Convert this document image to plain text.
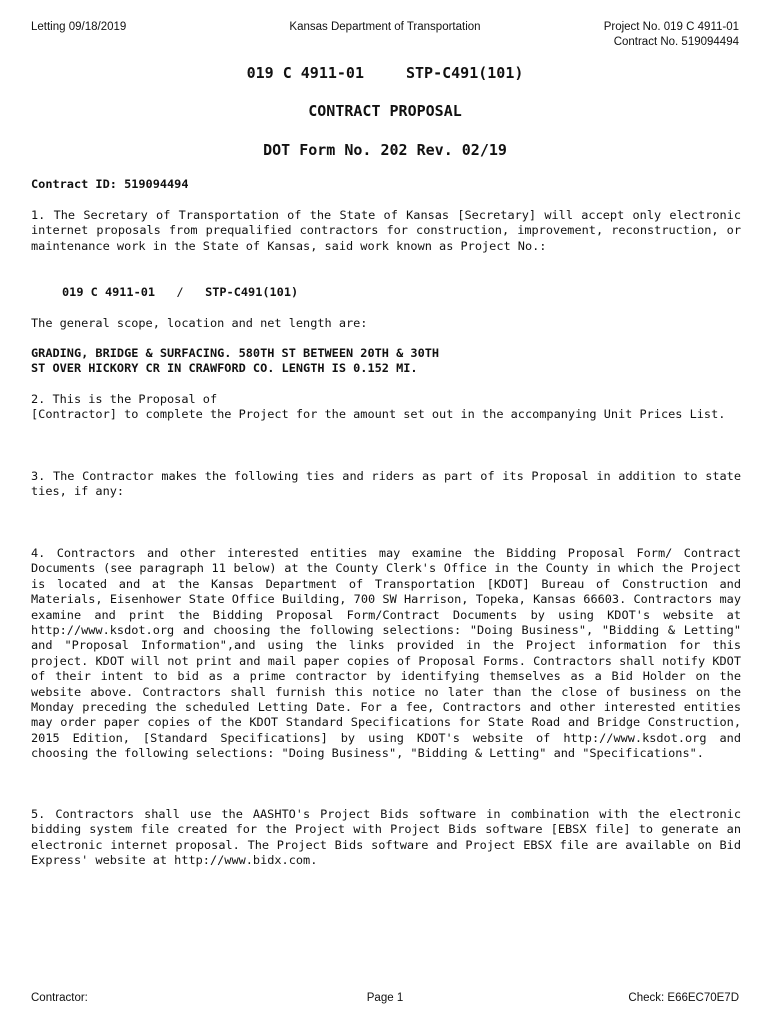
Letting 09/18/2019	Kansas Department of Transportation	Project No. 019 C 4911-01
Contract No. 519094494
019 C 4911-01	STP-C491(101)
CONTRACT PROPOSAL
DOT Form No. 202 Rev. 02/19
Contract ID: 519094494
1. The Secretary of Transportation of the State of Kansas [Secretary] will accept only electronic internet proposals from prequalified contractors for construction, improvement, reconstruction, or maintenance work in the State of Kansas, said work known as Project No.:
019 C 4911-01 / STP-C491(101)
The general scope, location and net length are:
GRADING, BRIDGE & SURFACING. 580TH ST BETWEEN 20TH & 30TH
ST OVER HICKORY CR IN CRAWFORD CO. LENGTH IS 0.152 MI.
2. This is the Proposal of
[Contractor] to complete the Project for the amount set out in the accompanying Unit Prices List.
3. The Contractor makes the following ties and riders as part of its Proposal in addition to state ties, if any:
4. Contractors and other interested entities may examine the Bidding Proposal Form/ Contract Documents (see paragraph 11 below) at the County Clerk's Office in the County in which the Project is located and at the Kansas Department of Transportation [KDOT] Bureau of Construction and Materials, Eisenhower State Office Building, 700 SW Harrison, Topeka, Kansas 66603. Contractors may examine and print the Bidding Proposal Form/Contract Documents by using KDOT's website at http://www.ksdot.org and choosing the following selections: "Doing Business", "Bidding & Letting" and "Proposal Information",and using the links provided in the Project information for this project. KDOT will not print and mail paper copies of Proposal Forms. Contractors shall notify KDOT of their intent to bid as a prime contractor by identifying themselves as a Bid Holder on the website above. Contractors shall furnish this notice no later than the close of business on the Monday preceding the scheduled Letting Date. For a fee, Contractors and other interested entities may order paper copies of the KDOT Standard Specifications for State Road and Bridge Construction, 2015 Edition, [Standard Specifications] by using KDOT's website of http://www.ksdot.org and choosing the following selections: "Doing Business", "Bidding & Letting" and "Specifications".
5. Contractors shall use the AASHTO's Project Bids software in combination with the electronic bidding system file created for the Project with Project Bids software [EBSX file] to generate an electronic internet proposal. The Project Bids software and Project EBSX file are available on Bid Express' website at http://www.bidx.com.
Contractor:	Page 1	Check: E66EC70E7D
